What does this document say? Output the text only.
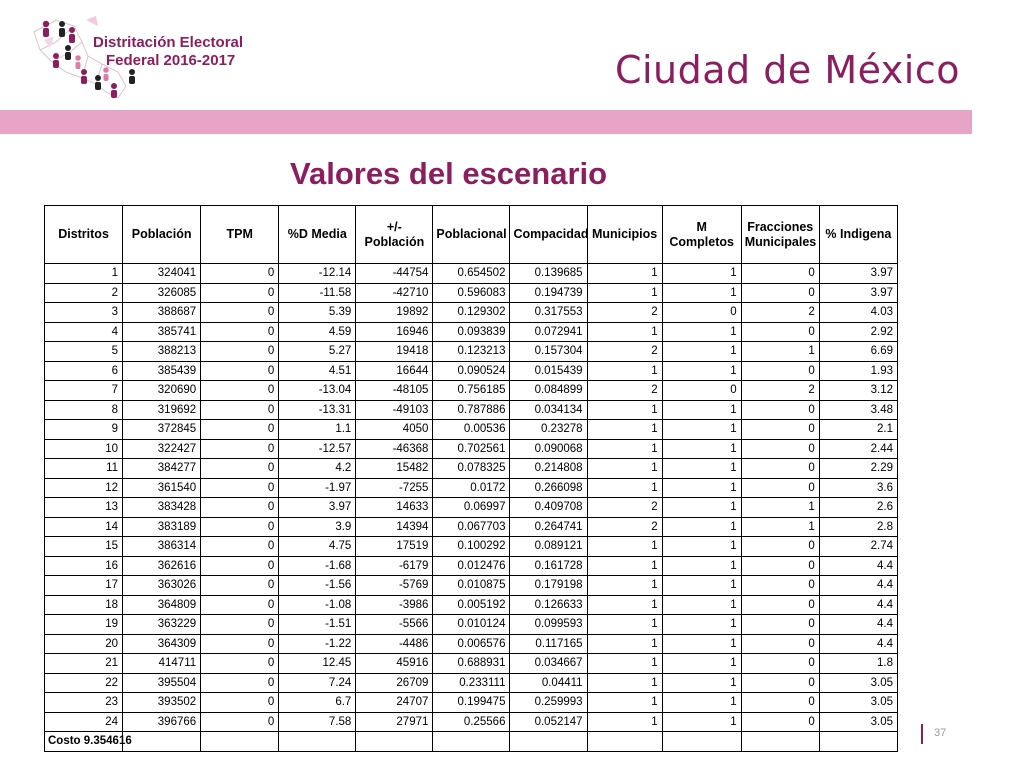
Distritación Electoral
Federal 2016-2017	Ciudad de México
Valores del escenario
Distritos	Población	TPM	%D Media	+/- Población	Poblacional	Compacidad	Municipios	M Completos	Fracciones Municipales	% Indigena
1	324041	0	-12.14	-44754	0.654502	0.139685	1	1	0	3.97
2	326085	0	-11.58	-42710	0.596083	0.194739	1	1	0	3.97
3	388687	0	5.39	19892	0.129302	0.317553	2	0	2	4.03
4	385741	0	4.59	16946	0.093839	0.072941	1	1	0	2.92
5	388213	0	5.27	19418	0.123213	0.157304	2	1	1	6.69
6	385439	0	4.51	16644	0.090524	0.015439	1	1	0	1.93
7	320690	0	-13.04	-48105	0.756185	0.084899	2	0	2	3.12
8	319692	0	-13.31	-49103	0.787886	0.034134	1	1	0	3.48
9	372845	0	1.1	4050	0.00536	0.23278	1	1	0	2.1
10	322427	0	-12.57	-46368	0.702561	0.090068	1	1	0	2.44
11	384277	0	4.2	15482	0.078325	0.214808	1	1	0	2.29
12	361540	0	-1.97	-7255	0.0172	0.266098	1	1	0	3.6
13	383428	0	3.97	14633	0.06997	0.409708	2	1	1	2.6
14	383189	0	3.9	14394	0.067703	0.264741	2	1	1	2.8
15	386314	0	4.75	17519	0.100292	0.089121	1	1	0	2.74
16	362616	0	-1.68	-6179	0.012476	0.161728	1	1	0	4.4
17	363026	0	-1.56	-5769	0.010875	0.179198	1	1	0	4.4
18	364809	0	-1.08	-3986	0.005192	0.126633	1	1	0	4.4
19	363229	0	-1.51	-5566	0.010124	0.099593	1	1	0	4.4
20	364309	0	-1.22	-4486	0.006576	0.117165	1	1	0	4.4
21	414711	0	12.45	45916	0.688931	0.034667	1	1	0	1.8
22	395504	0	7.24	26709	0.233111	0.04411	1	1	0	3.05
23	393502	0	6.7	24707	0.199475	0.259993	1	1	0	3.05
24	396766	0	7.58	27971	0.25566	0.052147	1	1	0	3.05
Costo 9.354616										
37
